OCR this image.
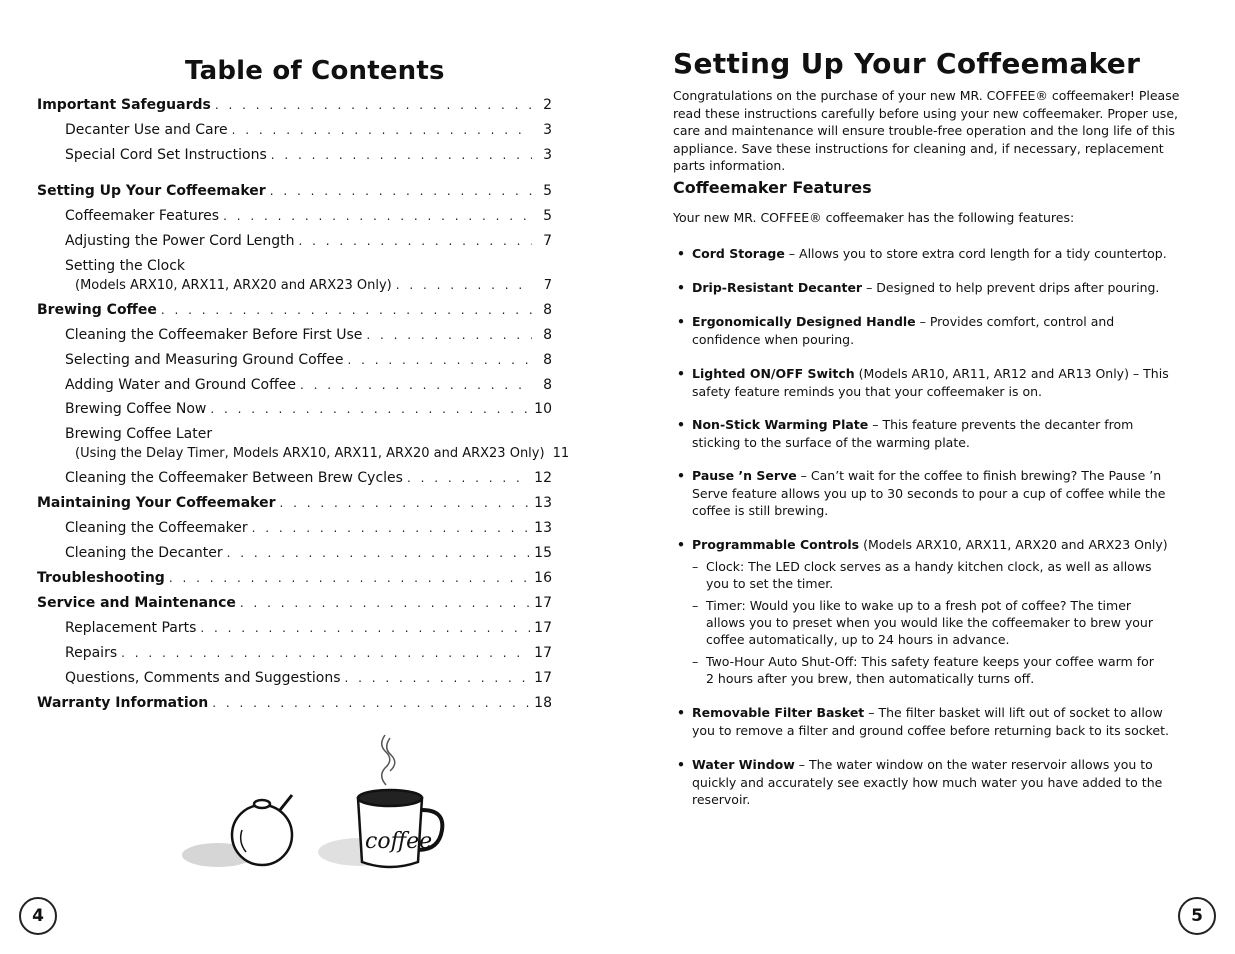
Table of Contents
Important Safeguards . . .	2
Decanter Use and Care . . .	3
Special Cord Set Instructions . . .	3
Setting Up Your Coffeemaker . . .	5
Coffeemaker Features . . .	5
Adjusting the Power Cord Length . . .	7
Setting the Clock
(Models ARX10, ARX11, ARX20 and ARX23 Only) . . .	7
Brewing Coffee . . .	8
Cleaning the Coffeemaker Before First Use . . .	8
Selecting and Measuring Ground Coffee . . .	8
Adding Water and Ground Coffee . . .	8
Brewing Coffee Now . . .	10
Brewing Coffee Later
(Using the Delay Timer, Models ARX10, ARX11, ARX20 and ARX23 Only) 11
Cleaning the Coffeemaker Between Brew Cycles . . .	12
Maintaining Your Coffeemaker . . .	13
Cleaning the Coffeemaker . . .	13
Cleaning the Decanter . . .	15
Troubleshooting . . .	16
Service and Maintenance . . .	17
Replacement Parts . . .	17
Repairs . . .	17
Questions, Comments and Suggestions . . .	17
Warranty Information . . .	18
coffee
4
Setting Up Your Coffeemaker
Congratulations on the purchase of your new MR. COFFEE® coffeemaker! Please read these instructions carefully before using your new coffeemaker. Proper use, care and maintenance will ensure trouble-free operation and the long life of this appliance. Save these instructions for cleaning and, if necessary, replacement parts information.
Coffeemaker Features
Your new MR. COFFEE® coffeemaker has the following features:
• Cord Storage – Allows you to store extra cord length for a tidy countertop.
• Drip-Resistant Decanter – Designed to help prevent drips after pouring.
• Ergonomically Designed Handle – Provides comfort, control and confidence when pouring.
• Lighted ON/OFF Switch (Models AR10, AR11, AR12 and AR13 Only) – This safety feature reminds you that your coffeemaker is on.
• Non-Stick Warming Plate – This feature prevents the decanter from sticking to the surface of the warming plate.
• Pause ’n Serve – Can’t wait for the coffee to finish brewing? The Pause ’n Serve feature allows you up to 30 seconds to pour a cup of coffee while the coffee is still brewing.
• Programmable Controls (Models ARX10, ARX11, ARX20 and ARX23 Only)
– Clock: The LED clock serves as a handy kitchen clock, as well as allows you to set the timer.
– Timer: Would you like to wake up to a fresh pot of coffee? The timer allows you to preset when you would like the coffeemaker to brew your coffee automatically, up to 24 hours in advance.
– Two-Hour Auto Shut-Off: This safety feature keeps your coffee warm for 2 hours after you brew, then automatically turns off.
• Removable Filter Basket – The filter basket will lift out of socket to allow you to remove a filter and ground coffee before returning back to its socket.
• Water Window – The water window on the water reservoir allows you to quickly and accurately see exactly how much water you have added to the reservoir.
5
